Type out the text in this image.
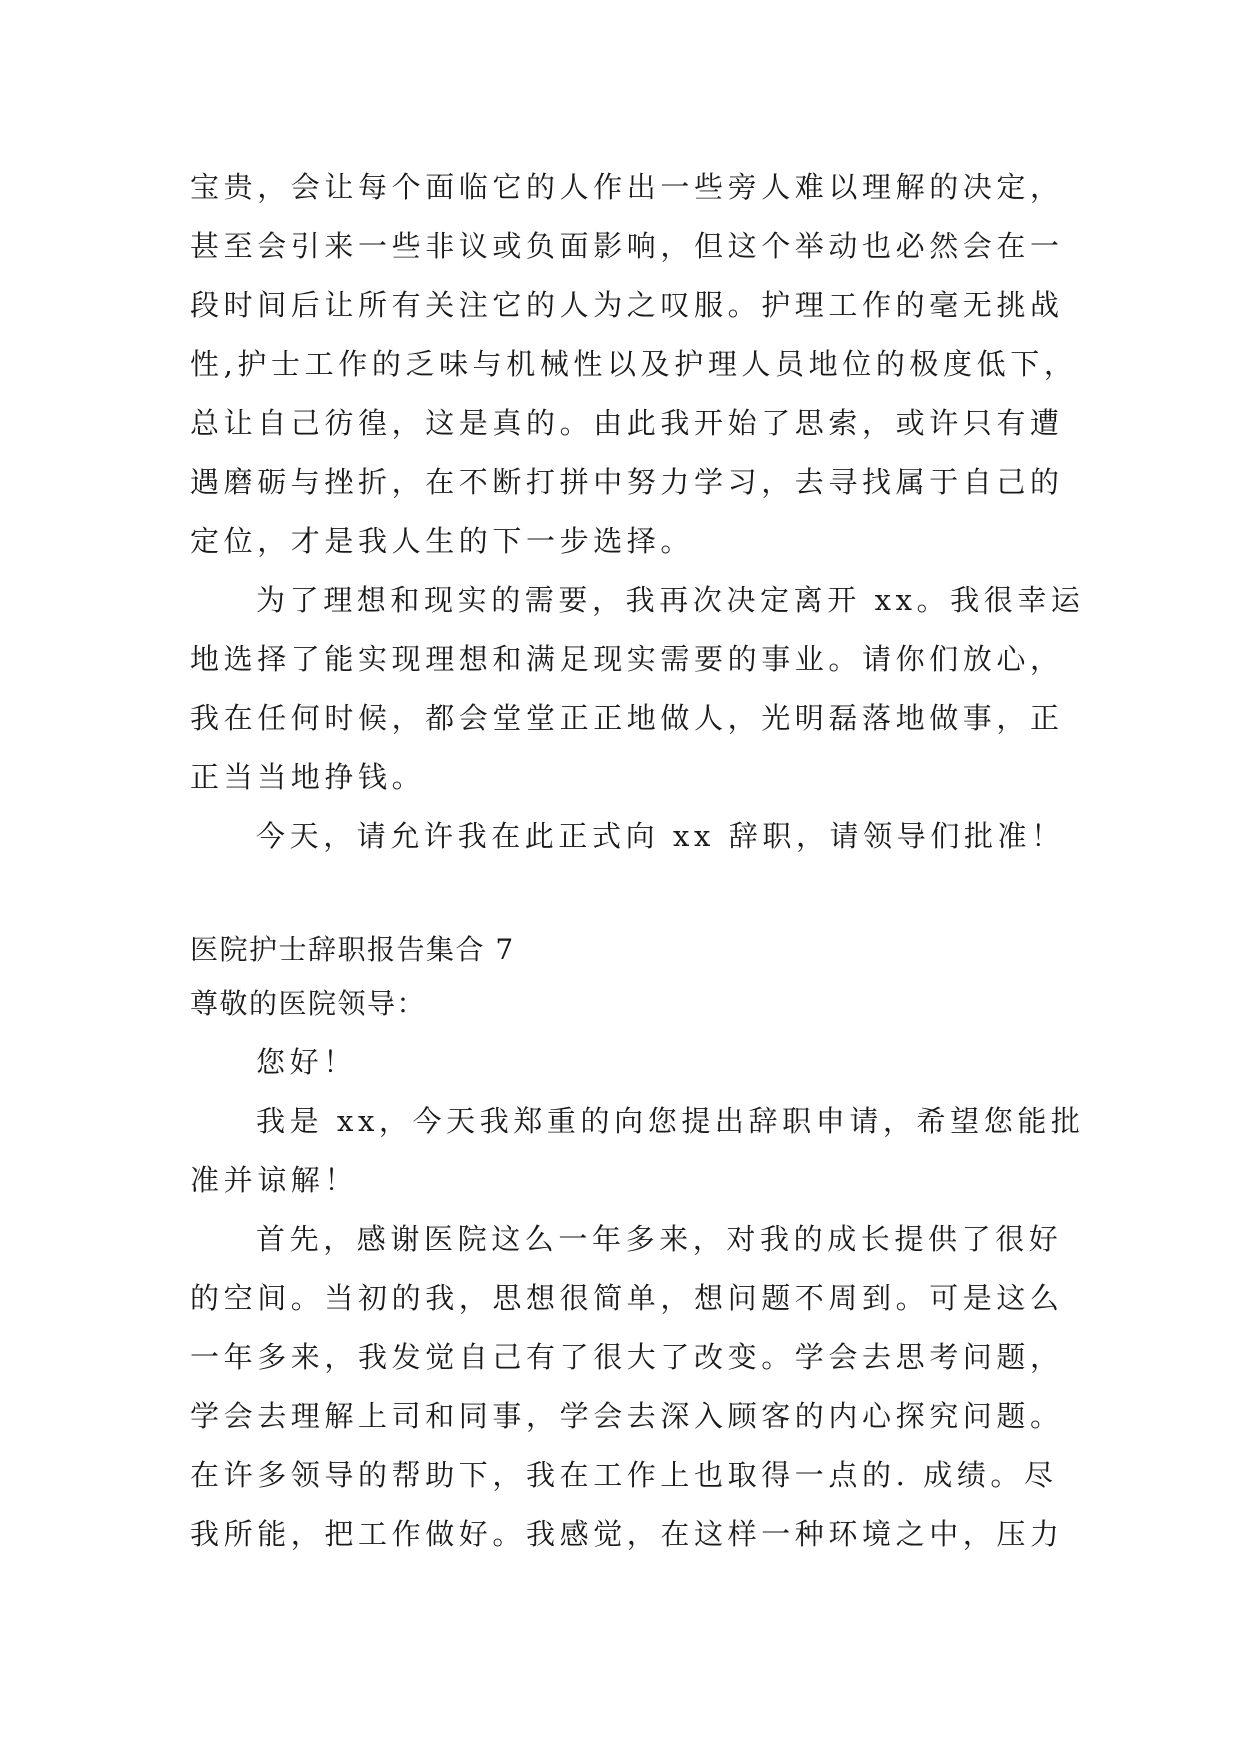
宝贵，会让每个面临它的人作出一些旁人难以理解的决定，
甚至会引来一些非议或负面影响，但这个举动也必然会在一
段时间后让所有关注它的人为之叹服。护理工作的毫无挑战
性,护士工作的乏味与机械性以及护理人员地位的极度低下，
总让自己彷徨，这是真的。由此我开始了思索，或许只有遭
遇磨砺与挫折，在不断打拼中努力学习，去寻找属于自己的
定位，才是我人生的下一步选择。
为了理想和现实的需要，我再次决定离开 xx。我很幸运
地选择了能实现理想和满足现实需要的事业。请你们放心，
我在任何时候，都会堂堂正正地做人，光明磊落地做事，正
正当当地挣钱。
今天，请允许我在此正式向 xx 辞职，请领导们批准！
医院护士辞职报告集合 7
尊敬的医院领导：
您好！
我是 xx，今天我郑重的向您提出辞职申请，希望您能批
准并谅解！
首先，感谢医院这么一年多来，对我的成长提供了很好
的空间。当初的我，思想很简单，想问题不周到。可是这么
一年多来，我发觉自己有了很大了改变。学会去思考问题，
学会去理解上司和同事，学会去深入顾客的内心探究问题。
在许多领导的帮助下，我在工作上也取得一点的. 成绩。尽
我所能，把工作做好。我感觉，在这样一种环境之中，压力
